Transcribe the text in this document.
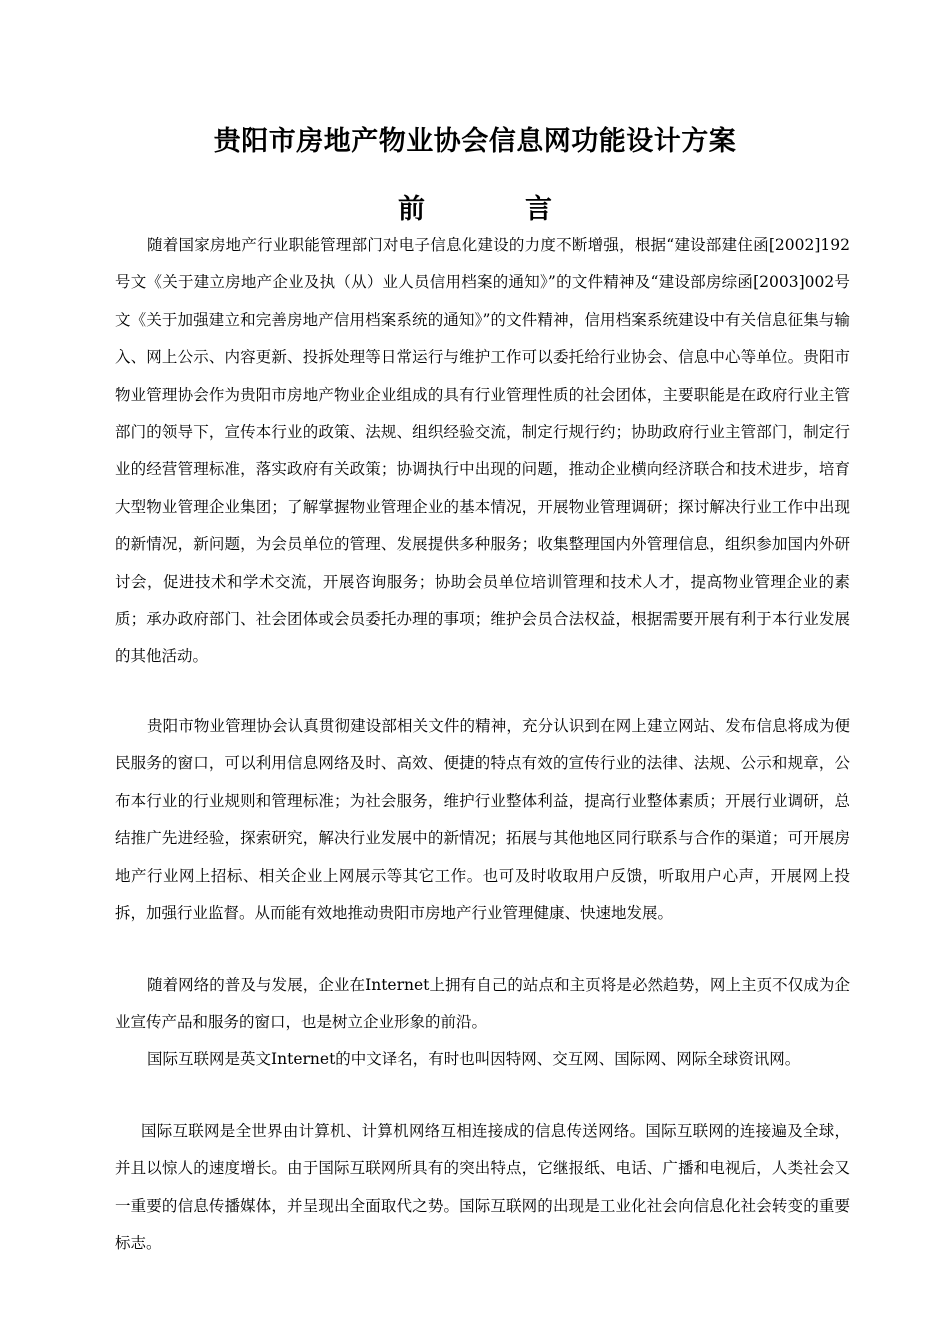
贵阳市房地产物业协会信息网功能设计方案
前	言

随着国家房地产行业职能管理部门对电子信息化建设的力度不断增强，根据“建设部建住函[2002]192号文《关于建立房地产企业及执（从）业人员信用档案的通知》”的文件精神及“建设部房综函[2003]002号文《关于加强建立和完善房地产信用档案系统的通知》”的文件精神，信用档案系统建设中有关信息征集与输入、网上公示、内容更新、投拆处理等日常运行与维护工作可以委托给行业协会、信息中心等单位。贵阳市物业管理协会作为贵阳市房地产物业企业组成的具有行业管理性质的社会团体，主要职能是在政府行业主管部门的领导下，宣传本行业的政策、法规、组织经验交流，制定行规行约；协助政府行业主管部门，制定行业的经营管理标准，落实政府有关政策；协调执行中出现的问题，推动企业横向经济联合和技术进步，培育大型物业管理企业集团；了解掌握物业管理企业的基本情况，开展物业管理调研；探讨解决行业工作中出现的新情况，新问题，为会员单位的管理、发展提供多种服务；收集整理国内外管理信息，组织参加国内外研讨会，促进技术和学术交流，开展咨询服务；协助会员单位培训管理和技术人才，提高物业管理企业的素质；承办政府部门、社会团体或会员委托办理的事项；维护会员合法权益，根据需要开展有利于本行业发展的其他活动。

贵阳市物业管理协会认真贯彻建设部相关文件的精神，充分认识到在网上建立网站、发布信息将成为便民服务的窗口，可以利用信息网络及时、高效、便捷的特点有效的宣传行业的法律、法规、公示和规章，公布本行业的行业规则和管理标准；为社会服务，维护行业整体利益，提高行业整体素质；开展行业调研，总结推广先进经验，探索研究，解决行业发展中的新情况；拓展与其他地区同行联系与合作的渠道；可开展房地产行业网上招标、相关企业上网展示等其它工作。也可及时收取用户反馈，听取用户心声，开展网上投拆，加强行业监督。从而能有效地推动贵阳市房地产行业管理健康、快速地发展。

随着网络的普及与发展，企业在Internet上拥有自己的站点和主页将是必然趋势，网上主页不仅成为企业宣传产品和服务的窗口，也是树立企业形象的前沿。

国际互联网是英文Internet的中文译名，有时也叫因特网、交互网、国际网、网际全球资讯网。

国际互联网是全世界由计算机、计算机网络互相连接成的信息传送网络。国际互联网的连接遍及全球，并且以惊人的速度增长。由于国际互联网所具有的突出特点，它继报纸、电话、广播和电视后，人类社会又一重要的信息传播媒体，并呈现出全面取代之势。国际互联网的出现是工业化社会向信息化社会转变的重要标志。
